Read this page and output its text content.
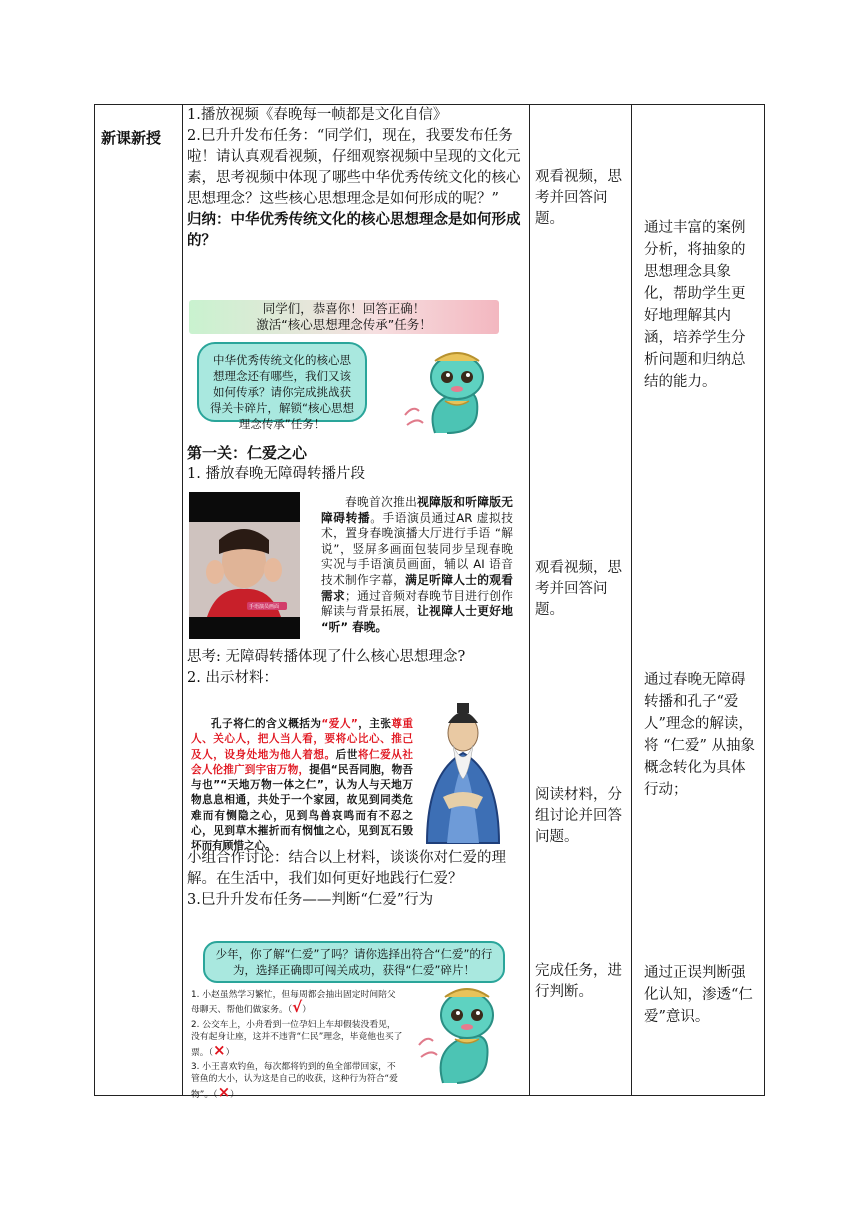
新课新授
1.播放视频《春晚每一帧都是文化自信》
2.巳升升发布任务：“同学们，现在，我要发布任务啦！请认真观看视频，仔细观察视频中呈现的文化元素，思考视频中体现了哪些中华优秀传统文化的核心思想理念？这些核心思想理念是如何形成的呢？”
归纳：中华优秀传统文化的核心思想理念是如何形成的？
同学们，恭喜你！回答正确！
激活“核心思想理念传承”任务！
中华优秀传统文化的核心思想理念还有哪些，我们又该如何传承？请你完成挑战获得关卡碎片，解锁“核心思想理念传承”任务！
第一关：仁爱之心
1. 播放春晚无障碍转播片段
手语演员画面
春晚首次推出视障版和听障版无障碍转播。手语演员通过AR 虚拟技术，置身春晚演播大厅进行手语 “解说”，竖屏多画面包装同步呈现春晚实况与手语演员画面，辅以 AI 语音技术制作字幕，满足听障人士的观看需求；通过音频对春晚节目进行创作解读与背景拓展，让视障人士更好地 “听” 春晚。
思考: 无障碍转播体现了什么核心思想理念?
2. 出示材料：
孔子将仁的含义概括为“爱人”，主张尊重人、关心人，把人当人看，要将心比心、推己及人，设身处地为他人着想。后世将仁爱从社会人伦推广到宇宙万物，提倡“民吾同胞，物吾与也”“天地万物一体之仁”，认为人与天地万物息息相通，共处于一个家园，故见到同类危难而有恻隐之心，见到鸟兽哀鸣而有不忍之心，见到草木摧折而有悯恤之心，见到瓦石毁坏而有顾惜之心。
小组合作讨论：结合以上材料，谈谈你对仁爱的理解。在生活中，我们如何更好地践行仁爱？
3.巳升升发布任务——判断“仁爱”行为
少年，你了解“仁爱”了吗？请你选择出符合“仁爱”的行为，选择正确即可闯关成功，获得“仁爱”碎片！
1. 小赵虽然学习繁忙，但每周都会抽出固定时间陪父母聊天、帮他们做家务。（√）
2. 公交车上，小舟看到一位孕妇上车却假装没看见，没有起身让座，这并不违背“仁民”理念，毕竟他也买了票。（×）
3. 小王喜欢钓鱼，每次都将钓到的鱼全部带回家，不管鱼的大小，认为这是自己的收获，这种行为符合“爱物”。（×）
观看视频，思考并回答问题。
观看视频，思考并回答问题。
阅读材料，分组讨论并回答问题。
完成任务，进行判断。
通过丰富的案例分析，将抽象的思想理念具象化，帮助学生更好地理解其内涵，培养学生分析问题和归纳总结的能力。
通过春晚无障碍转播和孔子“爱人”理念的解读，将 “仁爱” 从抽象概念转化为具体行动；
通过正误判断强化认知，渗透“仁爱”意识。
